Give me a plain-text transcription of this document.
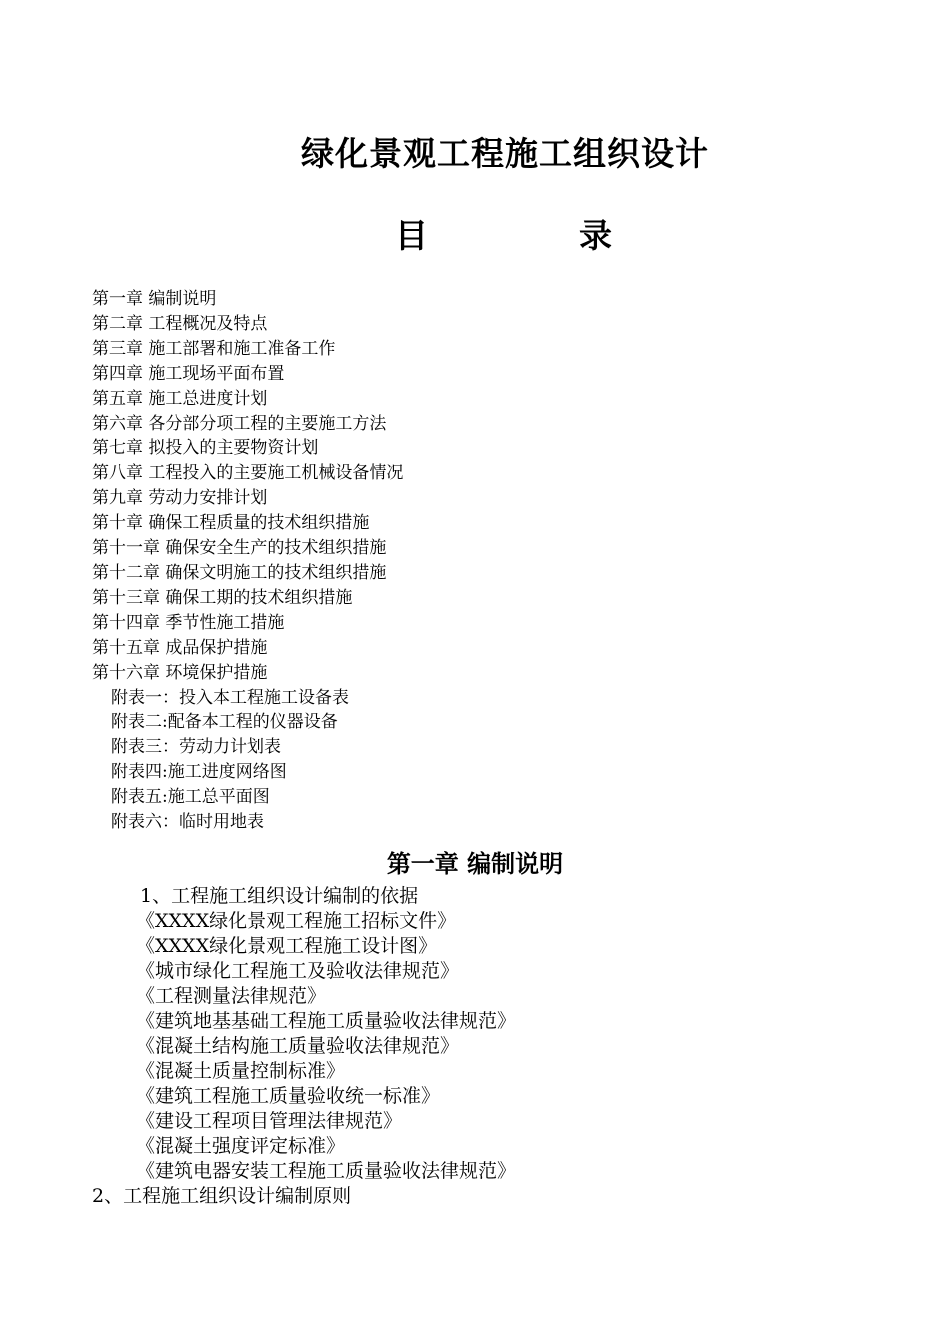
绿化景观工程施工组织设计
目	录
第一章 编制说明
第二章 工程概况及特点
第三章 施工部署和施工准备工作
第四章 施工现场平面布置
第五章 施工总进度计划
第六章 各分部分项工程的主要施工方法
第七章 拟投入的主要物资计划
第八章 工程投入的主要施工机械设备情况
第九章 劳动力安排计划
第十章 确保工程质量的技术组织措施
第十一章 确保安全生产的技术组织措施
第十二章 确保文明施工的技术组织措施
第十三章 确保工期的技术组织措施
第十四章 季节性施工措施
第十五章 成品保护措施
第十六章 环境保护措施
附表一：投入本工程施工设备表
附表二:配备本工程的仪器设备
附表三：劳动力计划表
附表四:施工进度网络图
附表五:施工总平面图
附表六：临时用地表
第一章 编制说明
1、工程施工组织设计编制的依据
《XXXX绿化景观工程施工招标文件》
《XXXX绿化景观工程施工设计图》
《城市绿化工程施工及验收法律规范》
《工程测量法律规范》
《建筑地基基础工程施工质量验收法律规范》
《混凝土结构施工质量验收法律规范》
《混凝土质量控制标准》
《建筑工程施工质量验收统一标准》
《建设工程项目管理法律规范》
《混凝土强度评定标准》
《建筑电器安装工程施工质量验收法律规范》
2、工程施工组织设计编制原则
